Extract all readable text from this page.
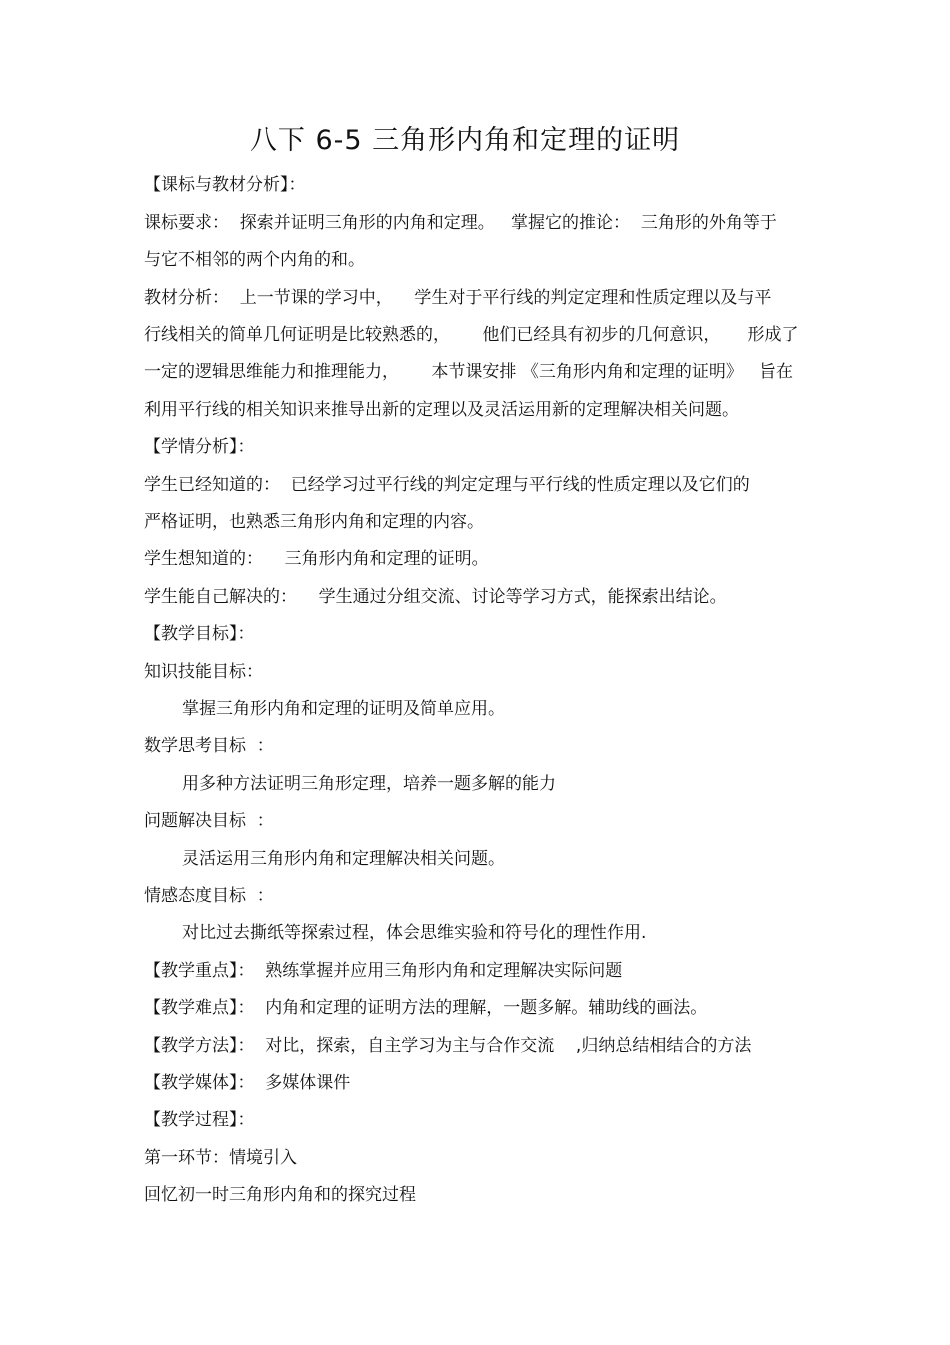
八下 6-5 三角形内角和定理的证明
【课标与教材分析】：
课标要求：  探索并证明三角形的内角和定理。   掌握它的推论：  三角形的外角等于
与它不相邻的两个内角的和。
教材分析：  上一节课的学习中，    学生对于平行线的判定定理和性质定理以及与平
行线相关的简单几何证明是比较熟悉的，      他们已经具有初步的几何意识，     形成了
一定的逻辑思维能力和推理能力，      本节课安排 《三角形内角和定理的证明》   旨在
利用平行线的相关知识来推导出新的定理以及灵活运用新的定理解决相关问题。
【学情分析】：
学生已经知道的：  已经学习过平行线的判定定理与平行线的性质定理以及它们的
严格证明，也熟悉三角形内角和定理的内容。
学生想知道的：    三角形内角和定理的证明。
学生能自己解决的：    学生通过分组交流、讨论等学习方式，能探索出结论。
【教学目标】：
知识技能目标：
掌握三角形内角和定理的证明及简单应用。
数学思考目标  ：
用多种方法证明三角形定理，培养一题多解的能力
问题解决目标  ：
灵活运用三角形内角和定理解决相关问题。
情感态度目标  ：
对比过去撕纸等探索过程，体会思维实验和符号化的理性作用.
【教学重点】：  熟练掌握并应用三角形内角和定理解决实际问题
【教学难点】：  内角和定理的证明方法的理解，一题多解。辅助线的画法。
【教学方法】：  对比，探索，自主学习为主与合作交流    ,归纳总结相结合的方法
【教学媒体】：  多媒体课件
【教学过程】：
第一环节：情境引入
回忆初一时三角形内角和的探究过程
